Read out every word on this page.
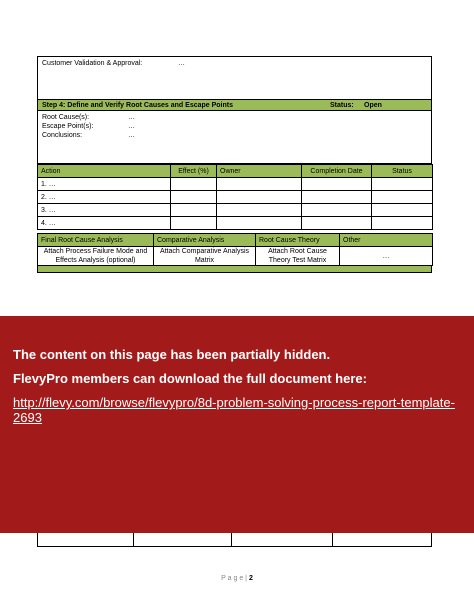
Customer Validation & Approval:	…
Step 4: Define and Verify Root Causes and Escape Points	Status: Open
Root Cause(s):	…
Escape Point(s):	…
Conclusions:	…
Action	Effect (%)	Owner	Completion Date	Status
1. …				
2. …				
3. …				
4. …				
Final Root Cause Analysis	Comparative Analysis	Root Cause Theory	Other
Attach Process Failure Mode and Effects Analysis (optional)	Attach Comparative Analysis Matrix	Attach Root Cause Theory Test Matrix	…
The content on this page has been partially hidden.
FlevyPro members can download the full document here:
http://flevy.com/browse/flevypro/8d-problem-solving-process-report-template-2693
P a g e | 2
